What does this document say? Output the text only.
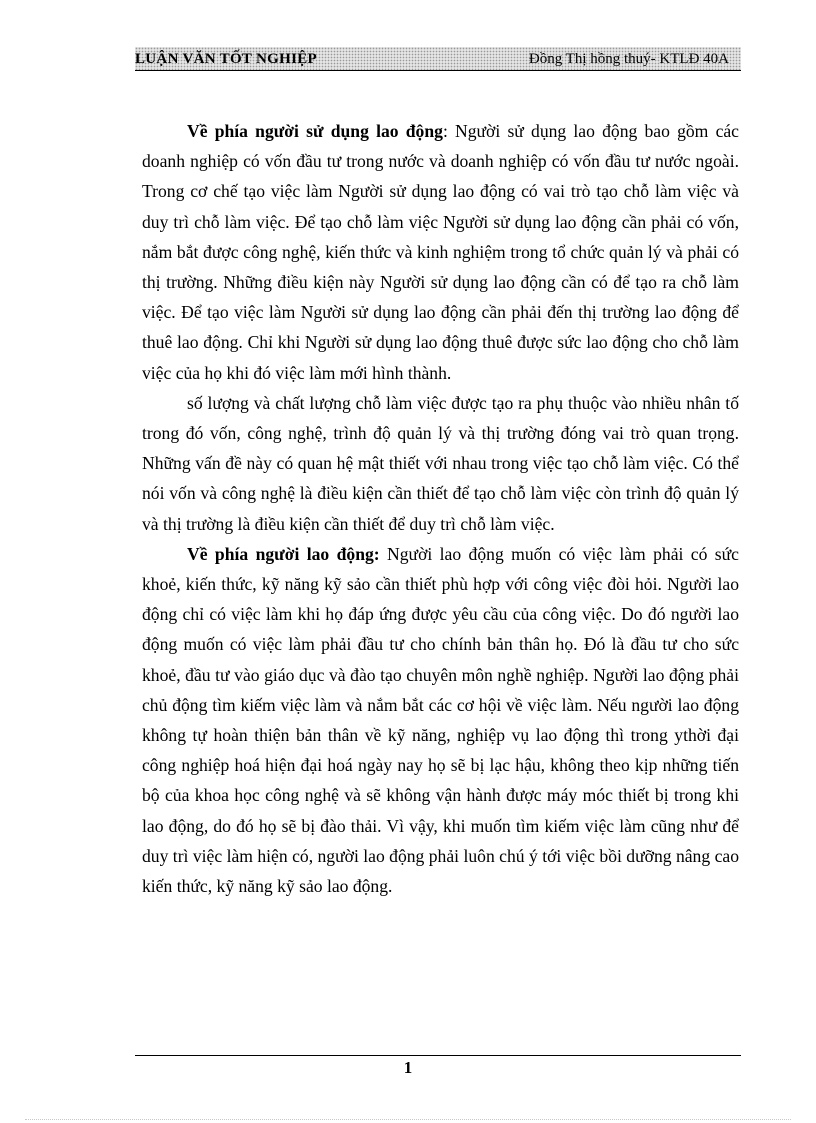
LUẬN VĂN TỐT NGHIỆP	Đồng Thị hồng thuý- KTLĐ 40A

Về phía người sử dụng lao động: Người sử dụng lao động bao gồm các doanh nghiệp có vốn đầu tư trong nước và doanh nghiệp có vốn đầu tư nước ngoài. Trong cơ chế tạo việc làm Người sử dụng lao động có vai trò tạo chỗ làm việc và duy trì chỗ làm việc. Để tạo chỗ làm việc Người sử dụng lao động cần phải có vốn, nắm bắt được công nghệ, kiến thức và kinh nghiệm trong tổ chức quản lý và phải có thị trường. Những điều kiện này Người sử dụng lao động cần có để tạo ra chỗ làm việc. Để tạo việc làm Người sử dụng lao động cần phải đến thị trường lao động để thuê lao động. Chỉ khi Người sử dụng lao động thuê được sức lao động cho chỗ làm việc của họ khi đó việc làm mới hình thành.

số lượng và chất lượng chỗ làm việc được tạo ra phụ thuộc vào nhiều nhân tố trong đó vốn, công nghệ, trình độ quản lý và thị trường đóng vai trò quan trọng. Những vấn đề này có quan hệ mật thiết với nhau trong việc tạo chỗ làm việc. Có thể nói vốn và công nghệ là điều kiện cần thiết để tạo chỗ làm việc còn trình độ quản lý và thị trường là điều kiện cần thiết để duy trì chỗ làm việc.

Về phía người lao động: Người lao động muốn có việc làm phải có sức khoẻ, kiến thức, kỹ năng kỹ sảo cần thiết phù hợp với công việc đòi hỏi. Người lao động chỉ có việc làm khi họ đáp ứng được yêu cầu của công việc. Do đó người lao động muốn có việc làm phải đầu tư cho chính bản thân họ. Đó là đầu tư cho sức khoẻ, đầu tư vào giáo dục và đào tạo chuyên môn nghề nghiệp. Người lao động phải chủ động tìm kiếm việc làm và nắm bắt các cơ hội về việc làm. Nếu người lao động không tự hoàn thiện bản thân về kỹ năng, nghiệp vụ lao động thì trong ythời đại công nghiệp hoá hiện đại hoá ngày nay họ sẽ bị lạc hậu, không theo kịp những tiến bộ của khoa học công nghệ và sẽ không vận hành được máy móc thiết bị trong khi lao động, do đó họ sẽ bị đào thải. Vì vậy, khi muốn tìm kiếm việc làm cũng như để duy trì việc làm hiện có, người lao động phải luôn chú ý tới việc bồi dưỡng nâng cao kiến thức, kỹ năng kỹ sảo lao động.

1
